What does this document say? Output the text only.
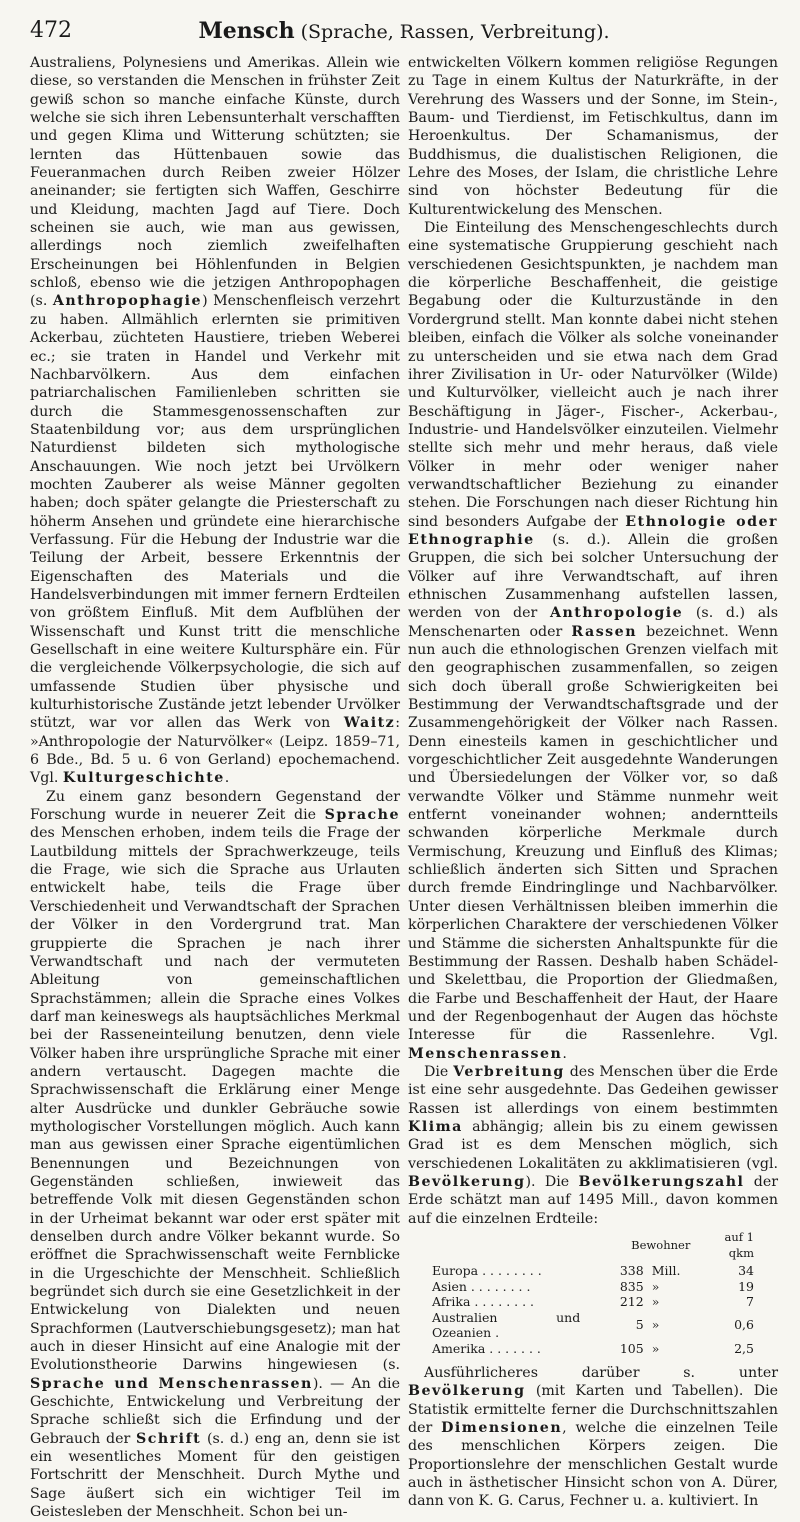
472	Mensch (Sprache, Rassen, Verbreitung).

Australiens, Polynesiens und Amerikas. Allein wie diese, so verstanden die Menschen in frühster Zeit gewiß schon so manche einfache Künste, durch welche sie sich ihren Lebensunterhalt verschafften und gegen Klima und Witterung schützten; sie lernten das Hüttenbauen sowie das Feueranmachen durch Reiben zweier Hölzer aneinander; sie fertigten sich Waffen, Geschirre und Kleidung, machten Jagd auf Tiere. Doch scheinen sie auch, wie man aus gewissen, allerdings noch ziemlich zweifelhaften Erscheinungen bei Höhlenfunden in Belgien schloß, ebenso wie die jetzigen Anthropophagen (s. Anthropophagie) Menschenfleisch verzehrt zu haben. Allmählich erlernten sie primitiven Ackerbau, züchteten Haustiere, trieben Weberei ec.; sie traten in Handel und Verkehr mit Nachbarvölkern. Aus dem einfachen patriarchalischen Familienleben schritten sie durch die Stammesgenossenschaften zur Staatenbildung vor; aus dem ursprünglichen Naturdienst bildeten sich mythologische Anschauungen. Wie noch jetzt bei Urvölkern mochten Zauberer als weise Männer gegolten haben; doch später gelangte die Priesterschaft zu höherm Ansehen und gründete eine hierarchische Verfassung. Für die Hebung der Industrie war die Teilung der Arbeit, bessere Erkenntnis der Eigenschaften des Materials und die Handelsverbindungen mit immer fernern Erdteilen von größtem Einfluß. Mit dem Aufblühen der Wissenschaft und Kunst tritt die menschliche Gesellschaft in eine weitere Kultursphäre ein. Für die vergleichende Völkerpsychologie, die sich auf umfassende Studien über physische und kulturhistorische Zustände jetzt lebender Urvölker stützt, war vor allen das Werk von Waitz: »Anthropologie der Naturvölker« (Leipz. 1859–71, 6 Bde., Bd. 5 u. 6 von Gerland) epochemachend. Vgl. Kulturgeschichte.

Zu einem ganz besondern Gegenstand der Forschung wurde in neuerer Zeit die Sprache des Menschen erhoben, indem teils die Frage der Lautbildung mittels der Sprachwerkzeuge, teils die Frage, wie sich die Sprache aus Urlauten entwickelt habe, teils die Frage über Verschiedenheit und Verwandtschaft der Sprachen der Völker in den Vordergrund trat. Man gruppierte die Sprachen je nach ihrer Verwandtschaft und nach der vermuteten Ableitung von gemeinschaftlichen Sprachstämmen; allein die Sprache eines Volkes darf man keineswegs als hauptsächliches Merkmal bei der Rasseneinteilung benutzen, denn viele Völker haben ihre ursprüngliche Sprache mit einer andern vertauscht. Dagegen machte die Sprachwissenschaft die Erklärung einer Menge alter Ausdrücke und dunkler Gebräuche sowie mythologischer Vorstellungen möglich. Auch kann man aus gewissen einer Sprache eigentümlichen Benennungen und Bezeichnungen von Gegenständen schließen, inwieweit das betreffende Volk mit diesen Gegenständen schon in der Urheimat bekannt war oder erst später mit denselben durch andre Völker bekannt wurde. So eröffnet die Sprachwissenschaft weite Fernblicke in die Urgeschichte der Menschheit. Schließlich begründet sich durch sie eine Gesetzlichkeit in der Entwickelung von Dialekten und neuen Sprachformen (Lautverschiebungsgesetz); man hat auch in dieser Hinsicht auf eine Analogie mit der Evolutionstheorie Darwins hingewiesen (s. Sprache und Menschenrassen). — An die Geschichte, Entwickelung und Verbreitung der Sprache schließt sich die Erfindung und der Gebrauch der Schrift (s. d.) eng an, denn sie ist ein wesentliches Moment für den geistigen Fortschritt der Menschheit. Durch Mythe und Sage äußert sich ein wichtiger Teil im Geistesleben der Menschheit. Schon bei un-

entwickelten Völkern kommen religiöse Regungen zu Tage in einem Kultus der Naturkräfte, in der Verehrung des Wassers und der Sonne, im Stein-, Baum- und Tierdienst, im Fetischkultus, dann im Heroenkultus. Der Schamanismus, der Buddhismus, die dualistischen Religionen, die Lehre des Moses, der Islam, die christliche Lehre sind von höchster Bedeutung für die Kulturentwickelung des Menschen.

Die Einteilung des Menschengeschlechts durch eine systematische Gruppierung geschieht nach verschiedenen Gesichtspunkten, je nachdem man die körperliche Beschaffenheit, die geistige Begabung oder die Kulturzustände in den Vordergrund stellt. Man konnte dabei nicht stehen bleiben, einfach die Völker als solche voneinander zu unterscheiden und sie etwa nach dem Grad ihrer Zivilisation in Ur- oder Naturvölker (Wilde) und Kulturvölker, vielleicht auch je nach ihrer Beschäftigung in Jäger-, Fischer-, Ackerbau-, Industrie- und Handelsvölker einzuteilen. Vielmehr stellte sich mehr und mehr heraus, daß viele Völker in mehr oder weniger naher verwandtschaftlicher Beziehung zu einander stehen. Die Forschungen nach dieser Richtung hin sind besonders Aufgabe der Ethnologie oder Ethnographie (s. d.). Allein die großen Gruppen, die sich bei solcher Untersuchung der Völker auf ihre Verwandtschaft, auf ihren ethnischen Zusammenhang aufstellen lassen, werden von der Anthropologie (s. d.) als Menschenarten oder Rassen bezeichnet. Wenn nun auch die ethnologischen Grenzen vielfach mit den geographischen zusammenfallen, so zeigen sich doch überall große Schwierigkeiten bei Bestimmung der Verwandtschaftsgrade und der Zusammengehörigkeit der Völker nach Rassen. Denn einesteils kamen in geschichtlicher und vorgeschichtlicher Zeit ausgedehnte Wanderungen und Übersiedelungen der Völker vor, so daß verwandte Völker und Stämme nunmehr weit entfernt voneinander wohnen; anderntteils schwanden körperliche Merkmale durch Vermischung, Kreuzung und Einfluß des Klimas; schließlich änderten sich Sitten und Sprachen durch fremde Eindringlinge und Nachbarvölker. Unter diesen Verhältnissen bleiben immerhin die körperlichen Charaktere der verschiedenen Völker und Stämme die sichersten Anhaltspunkte für die Bestimmung der Rassen. Deshalb haben Schädel- und Skelettbau, die Proportion der Gliedmaßen, die Farbe und Beschaffenheit der Haut, der Haare und der Regenbogenhaut der Augen das höchste Interesse für die Rassenlehre. Vgl. Menschenrassen.

Die Verbreitung des Menschen über die Erde ist eine sehr ausgedehnte. Das Gedeihen gewisser Rassen ist allerdings von einem bestimmten Klima abhängig; allein bis zu einem gewissen Grad ist es dem Menschen möglich, sich verschiedenen Lokalitäten zu akklimatisieren (vgl. Bevölkerung). Die Bevölkerungszahl der Erde schätzt man auf 1495 Mill., davon kommen auf die einzelnen Erdteile:

	Bewohner		auf 1 qkm
Europa . . . . . . . .	338	Mill.	34
Asien . . . . . . . .	835	»	19
Afrika . . . . . . . .	212	»	7
Australien und Ozeanien .	5	»	0,6
Amerika . . . . . . .	105	»	2,5

Ausführlicheres darüber s. unter Bevölkerung (mit Karten und Tabellen). Die Statistik ermittelte ferner die Durchschnittszahlen der Dimensionen, welche die einzelnen Teile des menschlichen Körpers zeigen. Die Proportionslehre der menschlichen Gestalt wurde auch in ästhetischer Hinsicht schon von A. Dürer, dann von K. G. Carus, Fechner u. a. kultiviert. In
